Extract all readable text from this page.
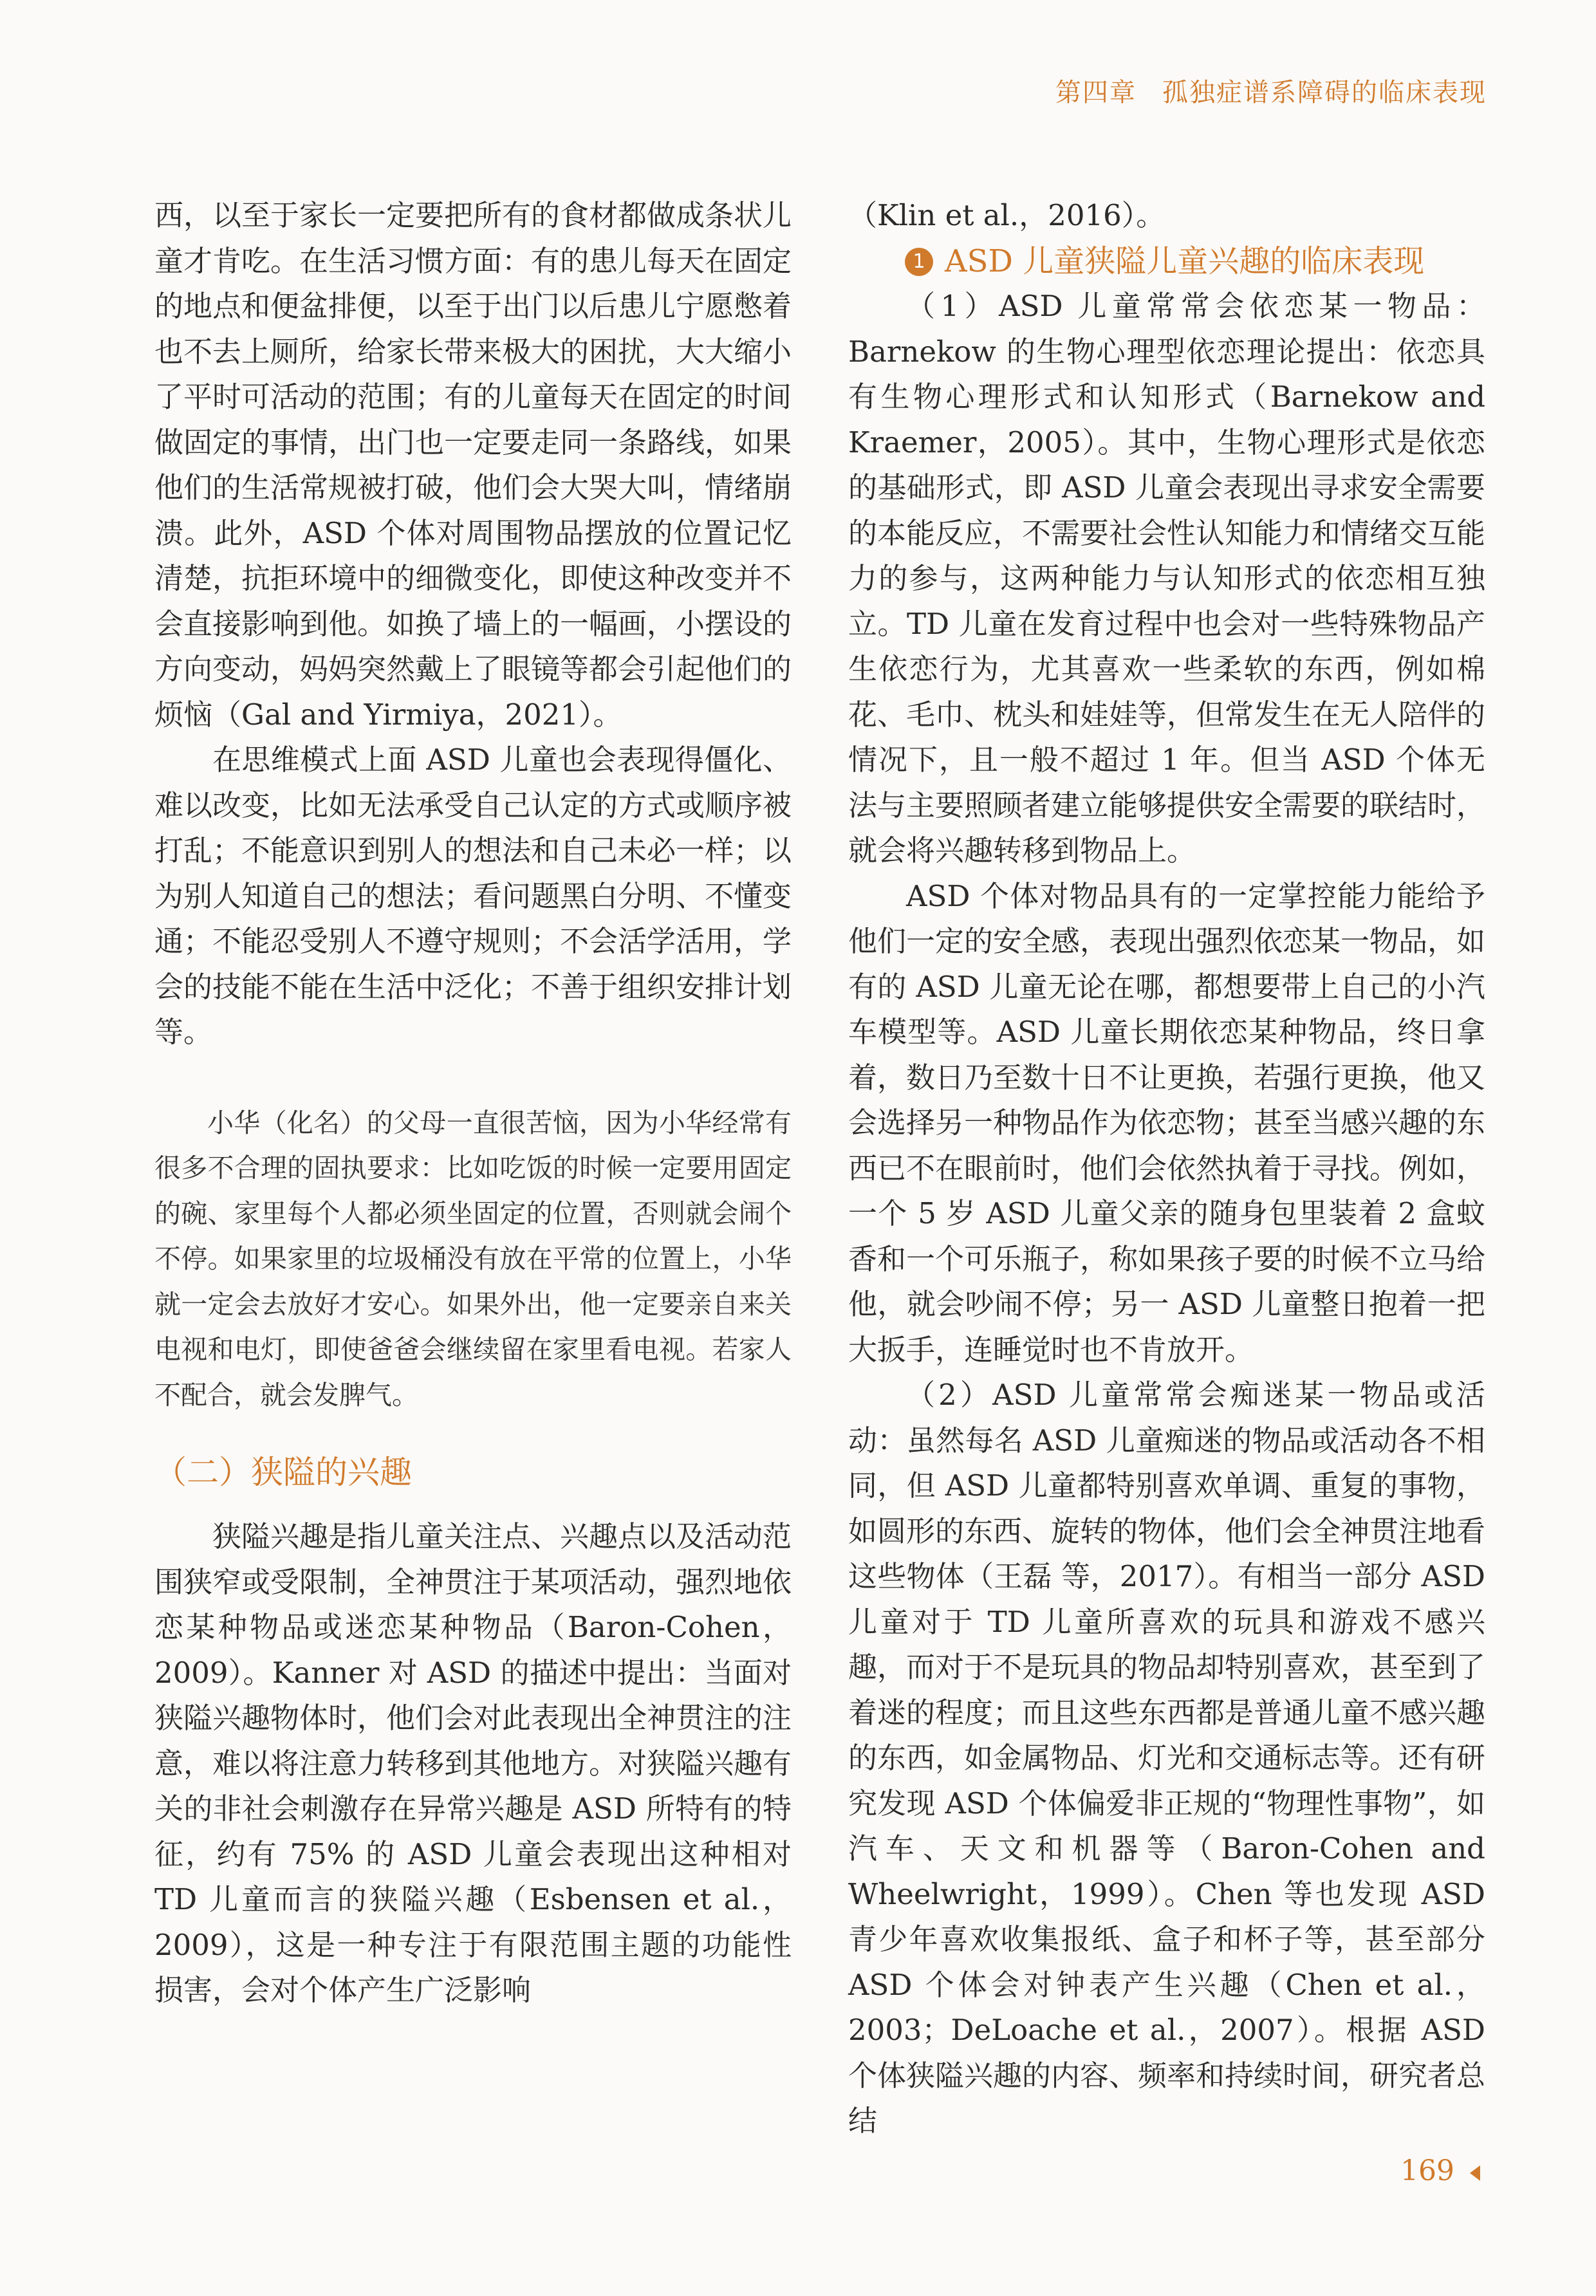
第四章 孤独症谱系障碍的临床表现

西，以至于家长一定要把所有的食材都做成条状儿童才肯吃。在生活习惯方面：有的患儿每天在固定的地点和便盆排便，以至于出门以后患儿宁愿憋着也不去上厕所，给家长带来极大的困扰，大大缩小了平时可活动的范围；有的儿童每天在固定的时间做固定的事情，出门也一定要走同一条路线，如果他们的生活常规被打破，他们会大哭大叫，情绪崩溃。此外，ASD 个体对周围物品摆放的位置记忆清楚，抗拒环境中的细微变化，即使这种改变并不会直接影响到他。如换了墙上的一幅画，小摆设的方向变动，妈妈突然戴上了眼镜等都会引起他们的烦恼（Gal and Yirmiya，2021）。

在思维模式上面 ASD 儿童也会表现得僵化、难以改变，比如无法承受自己认定的方式或顺序被打乱；不能意识到别人的想法和自己未必一样；以为别人知道自己的想法；看问题黑白分明、不懂变通；不能忍受别人不遵守规则；不会活学活用，学会的技能不能在生活中泛化；不善于组织安排计划等。

小华（化名）的父母一直很苦恼，因为小华经常有很多不合理的固执要求：比如吃饭的时候一定要用固定的碗、家里每个人都必须坐固定的位置，否则就会闹个不停。如果家里的垃圾桶没有放在平常的位置上，小华就一定会去放好才安心。如果外出，他一定要亲自来关电视和电灯，即使爸爸会继续留在家里看电视。若家人不配合，就会发脾气。

（二）狭隘的兴趣

狭隘兴趣是指儿童关注点、兴趣点以及活动范围狭窄或受限制，全神贯注于某项活动，强烈地依恋某种物品或迷恋某种物品（Baron-Cohen，2009）。Kanner 对 ASD 的描述中提出：当面对狭隘兴趣物体时，他们会对此表现出全神贯注的注意，难以将注意力转移到其他地方。对狭隘兴趣有关的非社会刺激存在异常兴趣是 ASD 所特有的特征，约有 75% 的 ASD 儿童会表现出这种相对 TD 儿童而言的狭隘兴趣（Esbensen et al.，2009），这是一种专注于有限范围主题的功能性损害，会对个体产生广泛影响

（Klin et al.，2016）。

1 ASD 儿童狭隘儿童兴趣的临床表现

（1）ASD 儿童常常会依恋某一物品：Barnekow 的生物心理型依恋理论提出：依恋具有生物心理形式和认知形式（Barnekow and Kraemer，2005）。其中，生物心理形式是依恋的基础形式，即 ASD 儿童会表现出寻求安全需要的本能反应，不需要社会性认知能力和情绪交互能力的参与，这两种能力与认知形式的依恋相互独立。TD 儿童在发育过程中也会对一些特殊物品产生依恋行为，尤其喜欢一些柔软的东西，例如棉花、毛巾、枕头和娃娃等，但常发生在无人陪伴的情况下，且一般不超过 1 年。但当 ASD 个体无法与主要照顾者建立能够提供安全需要的联结时，就会将兴趣转移到物品上。

ASD 个体对物品具有的一定掌控能力能给予他们一定的安全感，表现出强烈依恋某一物品，如有的 ASD 儿童无论在哪，都想要带上自己的小汽车模型等。ASD 儿童长期依恋某种物品，终日拿着，数日乃至数十日不让更换，若强行更换，他又会选择另一种物品作为依恋物；甚至当感兴趣的东西已不在眼前时，他们会依然执着于寻找。例如，一个 5 岁 ASD 儿童父亲的随身包里装着 2 盒蚊香和一个可乐瓶子，称如果孩子要的时候不立马给他，就会吵闹不停；另一 ASD 儿童整日抱着一把大扳手，连睡觉时也不肯放开。

（2）ASD 儿童常常会痴迷某一物品或活动：虽然每名 ASD 儿童痴迷的物品或活动各不相同，但 ASD 儿童都特别喜欢单调、重复的事物，如圆形的东西、旋转的物体，他们会全神贯注地看这些物体（王磊 等，2017）。有相当一部分 ASD 儿童对于 TD 儿童所喜欢的玩具和游戏不感兴趣，而对于不是玩具的物品却特别喜欢，甚至到了着迷的程度；而且这些东西都是普通儿童不感兴趣的东西，如金属物品、灯光和交通标志等。还有研究发现 ASD 个体偏爱非正规的“物理性事物”，如汽车、天文和机器等（Baron-Cohen and Wheelwright，1999）。Chen 等也发现 ASD 青少年喜欢收集报纸、盒子和杯子等，甚至部分 ASD 个体会对钟表产生兴趣（Chen et al.，2003；DeLoache et al.，2007）。根据 ASD 个体狭隘兴趣的内容、频率和持续时间，研究者总结

169
